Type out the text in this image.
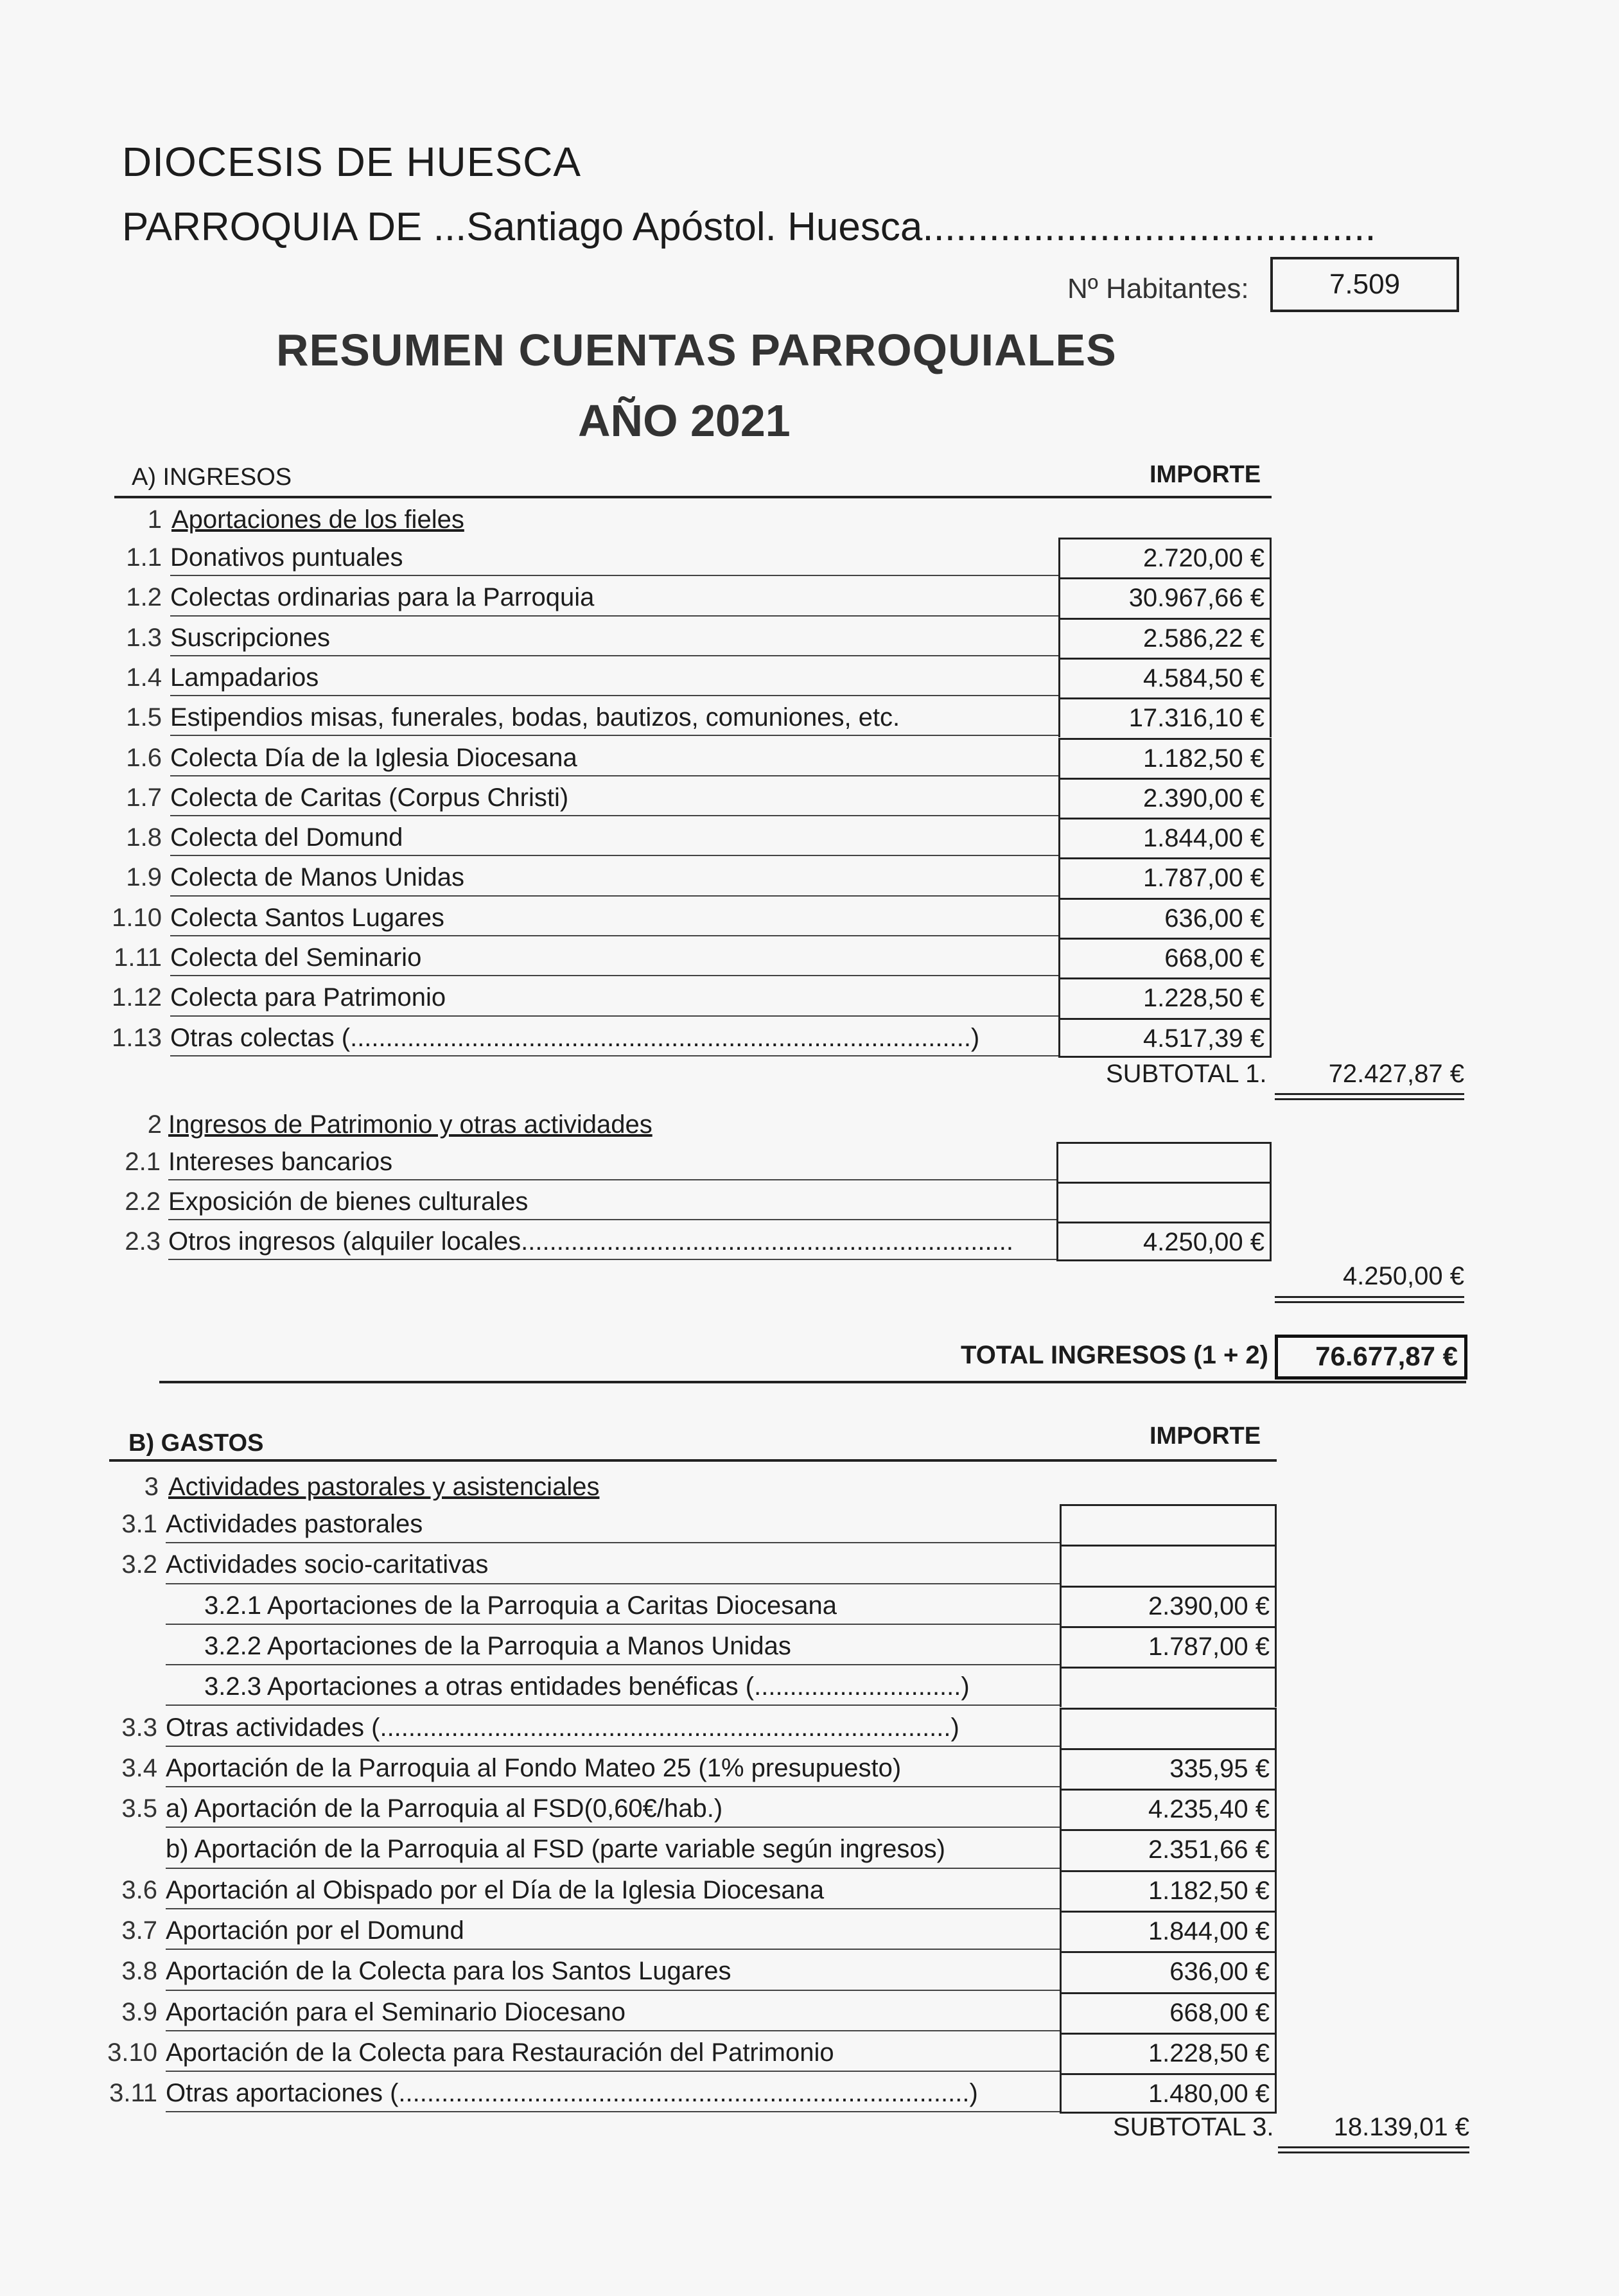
DIOCESIS DE HUESCA
PARROQUIA DE ...Santiago Apóstol. Huesca.........................................
Nº Habitantes:	7.509
RESUMEN CUENTAS PARROQUIALES
AÑO 2021
A) INGRESOS	IMPORTE
1 Aportaciones de los fieles
1.1 Donativos puntuales	2.720,00 €
1.2 Colectas ordinarias para la Parroquia	30.967,66 €
1.3 Suscripciones	2.586,22 €
1.4 Lampadarios	4.584,50 €
1.5 Estipendios misas, funerales, bodas, bautizos, comuniones, etc.	17.316,10 €
1.6 Colecta Día de la Iglesia Diocesana	1.182,50 €
1.7 Colecta de Caritas (Corpus Christi)	2.390,00 €
1.8 Colecta del Domund	1.844,00 €
1.9 Colecta de Manos Unidas	1.787,00 €
1.10 Colecta Santos Lugares	636,00 €
1.11 Colecta del Seminario	668,00 €
1.12 Colecta para Patrimonio	1.228,50 €
1.13 Otras colectas (.......................................................................................)	4.517,39 €
SUBTOTAL 1.	72.427,87 €
2 Ingresos de Patrimonio y otras actividades
2.1 Intereses bancarios
2.2 Exposición de bienes culturales
2.3 Otros ingresos (alquiler locales.....................................................................	4.250,00 €
4.250,00 €
TOTAL INGRESOS (1 + 2)	76.677,87 €
B) GASTOS	IMPORTE
3 Actividades pastorales y asistenciales
3.1 Actividades pastorales
3.2 Actividades socio-caritativas
3.2.1 Aportaciones de la Parroquia a Caritas Diocesana	2.390,00 €
3.2.2 Aportaciones de la Parroquia a Manos Unidas	1.787,00 €
3.2.3 Aportaciones a otras entidades benéficas (.............................)
3.3 Otras actividades (................................................................................)
3.4 Aportación de la Parroquia al Fondo Mateo 25 (1% presupuesto)	335,95 €
3.5 a) Aportación de la Parroquia al FSD(0,60€/hab.)	4.235,40 €
b) Aportación de la Parroquia al FSD (parte variable según ingresos)	2.351,66 €
3.6 Aportación al Obispado por el Día de la Iglesia Diocesana	1.182,50 €
3.7 Aportación por el Domund	1.844,00 €
3.8 Aportación de la Colecta para los Santos Lugares	636,00 €
3.9 Aportación para el Seminario Diocesano	668,00 €
3.10 Aportación de la Colecta para Restauración del Patrimonio	1.228,50 €
3.11 Otras aportaciones (................................................................................)	1.480,00 €
SUBTOTAL 3.	18.139,01 €
